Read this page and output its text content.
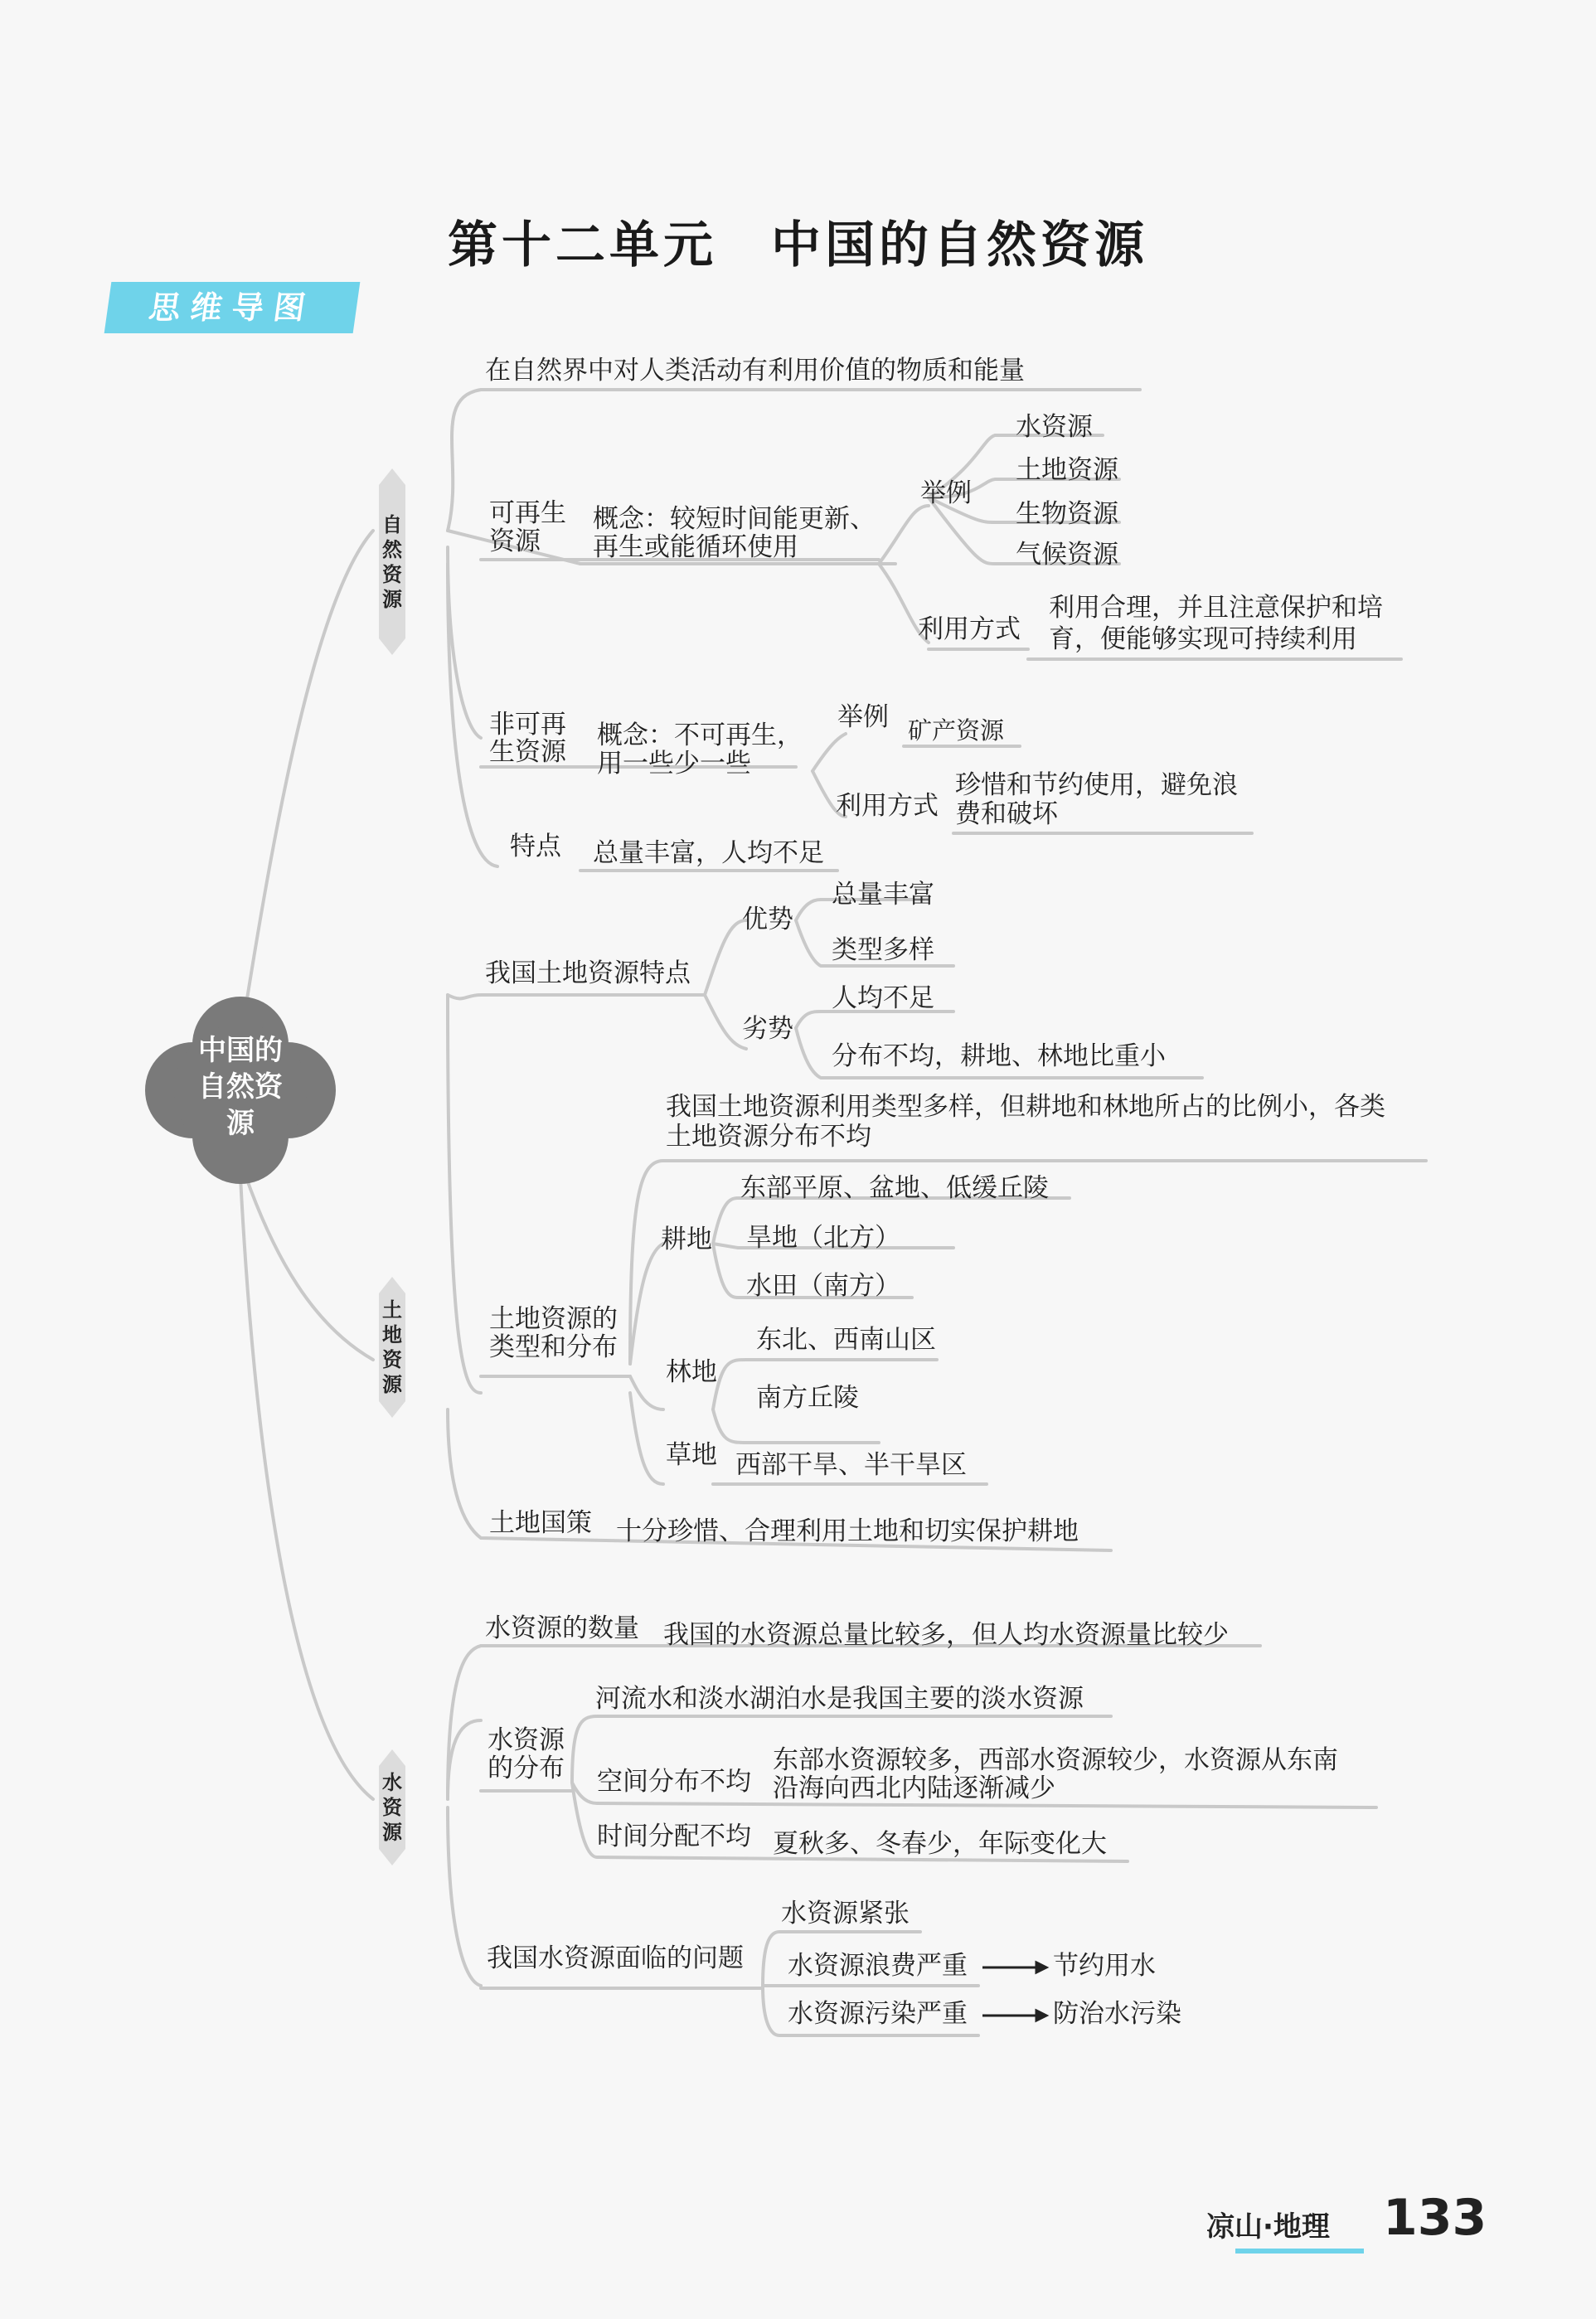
第十二单元　中国的自然资源
思维导图
中国的
自然资
源
自然资源
土地资源
水资源
在自然界中对人类活动有利用价值的物质和能量
可再生
资源
概念：较短时间能更新、
再生或能循环使用
举例
水资源
土地资源
生物资源
气候资源
利用方式
利用合理，并且注意保护和培
育，便能够实现可持续利用
非可再
生资源
概念：不可再生，
用一些少一些
举例 矿产资源
利用方式
珍惜和节约使用，避免浪
费和破坏
特点 总量丰富，人均不足
我国土地资源特点
优势
总量丰富
类型多样
劣势
人均不足
分布不均，耕地、林地比重小
我国土地资源利用类型多样，但耕地和林地所占的比例小，各类
土地资源分布不均
土地资源的
类型和分布
耕地
东部平原、盆地、低缓丘陵
旱地（北方）
水田（南方）
林地
东北、西南山区
南方丘陵
草地 西部干旱、半干旱区
土地国策 十分珍惜、合理利用土地和切实保护耕地
水资源的数量 我国的水资源总量比较多，但人均水资源量比较少
水资源
的分布
河流水和淡水湖泊水是我国主要的淡水资源
空间分布不均
东部水资源较多，西部水资源较少，水资源从东南
沿海向西北内陆逐渐减少
时间分配不均 夏秋多、冬春少，年际变化大
我国水资源面临的问题
水资源紧张
水资源浪费严重	节约用水
水资源污染严重	防治水污染
凉山·地理 133
